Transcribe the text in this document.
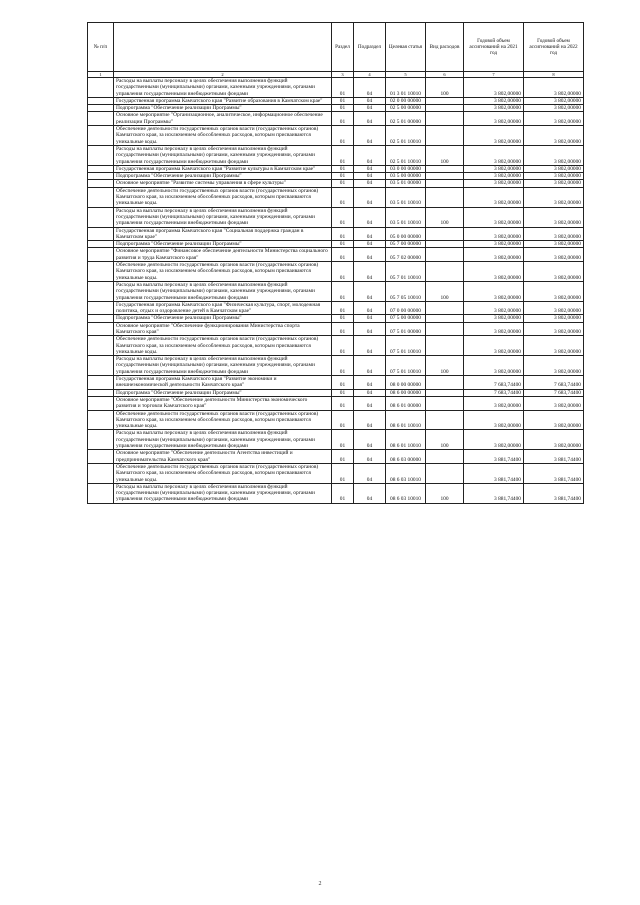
№ п/п		Раздел	Подраздел	Целевая статья	Вид расходов	Годовой объем ассигнований на 2021 год	Годовой объем ассигнований на 2022 год
1	2	3	4	5	6	7	8
	Расходы на выплаты персоналу в целях обеспечения выполнения функций государственными (муниципальными) органами, казенными учреждениями, органами управления государственными внебюджетными фондами	01	04	01 3 01 10010	100	3 802,00000	3 802,00000
	Государственная программа Камчатского края "Развитие образования в Камчатском крае"	01	04	02 0 00 00000		3 802,00000	3 802,00000
	Подпрограмма "Обеспечение реализации Программы"	01	04	02 5 00 00000		3 802,00000	3 802,00000
	Основное мероприятие "Организационное, аналитическое, информационное обеспечение реализации Программы"	01	04	02 5 01 00000		3 802,00000	3 802,00000
	Обеспечение деятельности государственных органов власти (государственных органов) Камчатского края, за исключением обособленных расходов, которым присваиваются уникальные коды.	01	04	02 5 01 10010		3 802,00000	3 802,00000
	Расходы на выплаты персоналу в целях обеспечения выполнения функций государственными (муниципальными) органами, казенными учреждениями, органами управления государственными внебюджетными фондами	01	04	02 5 01 10010	100	3 802,00000	3 802,00000
	Государственная программа Камчатского края "Развитие культуры в Камчатском крае"	01	04	03 0 00 00000		3 802,00000	3 802,00000
	Подпрограмма "Обеспечение реализации Программы"	01	04	03 5 00 00000		3 802,00000	3 802,00000
	Основное мероприятие "Развитие системы управления в сфере культуры"	01	04	03 5 01 00000		3 802,00000	3 802,00000
	Обеспечение деятельности государственных органов власти (государственных органов) Камчатского края, за исключением обособленных расходов, которым присваиваются уникальные коды.	01	04	03 5 01 10010		3 802,00000	3 802,00000
	Расходы на выплаты персоналу в целях обеспечения выполнения функций государственными (муниципальными) органами, казенными учреждениями, органами управления государственными внебюджетными фондами	01	04	03 5 01 10010	100	3 802,00000	3 802,00000
	Государственная программа Камчатского края "Социальная поддержка граждан в Камчатском крае"	01	04	05 0 00 00000		3 802,00000	3 802,00000
	Подпрограмма "Обеспечение реализации Программы"	01	04	05 7 00 00000		3 802,00000	3 802,00000
	Основное мероприятие "Финансовое обеспечение деятельности Министерства социального развития и труда Камчатского края"	01	04	05 7 02 00000		3 802,00000	3 802,00000
	Обеспечение деятельности государственных органов власти (государственных органов) Камчатского края, за исключением обособленных расходов, которым присваиваются уникальные коды.	01	04	05 7 01 10010		3 802,00000	3 802,00000
	Расходы на выплаты персоналу в целях обеспечения выполнения функций государственными (муниципальными) органами, казенными учреждениями, органами управления государственными внебюджетными фондами	01	04	05 7 05 10010	100	3 802,00000	3 802,00000
	Государственная программа Камчатского края "Физическая культура, спорт, молодежная политика, отдых и оздоровление детей в Камчатском крае"	01	04	07 0 00 00000		3 802,00000	3 802,00000
	Подпрограмма "Обеспечение реализации Программы"	01	04	07 5 00 00000		3 802,00000	3 802,00000
	Основное мероприятие "Обеспечение функционирования Министерства спорта Камчатского края"	01	04	07 5 01 00000		3 802,00000	3 802,00000
	Обеспечение деятельности государственных органов власти (государственных органов) Камчатского края, за исключением обособленных расходов, которым присваиваются уникальные коды.	01	04	07 5 01 10010		3 802,00000	3 802,00000
	Расходы на выплаты персоналу в целях обеспечения выполнения функций государственными (муниципальными) органами, казенными учреждениями, органами управления государственными внебюджетными фондами	01	04	07 5 01 10010	100	3 802,00000	3 802,00000
	Государственная программа Камчатского края "Развитие экономики и внешнеэкономической деятельности Камчатского края"	01	04	08 0 00 00000		7 683,74400	7 683,74400
	Подпрограмма "Обеспечение реализации Программы"	01	04	08 6 00 00000		7 683,74400	7 683,74400
	Основное мероприятие "Обеспечение деятельности Министерства экономического развития и торговли Камчатского края"	01	04	08 6 01 00000		3 802,00000	3 802,00000
	Обеспечение деятельности государственных органов власти (государственных органов) Камчатского края, за исключением обособленных расходов, которым присваиваются уникальные коды.	01	04	08 6 01 10010		3 802,00000	3 802,00000
	Расходы на выплаты персоналу в целях обеспечения выполнения функций государственными (муниципальными) органами, казенными учреждениями, органами управления государственными внебюджетными фондами	01	04	08 6 01 10010	100	3 802,00000	3 802,00000
	Основное мероприятие "Обеспечение деятельности Агентства инвестиций и предпринимательства Камчатского края"	01	04	08 6 03 00000		3 881,74400	3 881,74400
	Обеспечение деятельности государственных органов власти (государственных органов) Камчатского края, за исключением обособленных расходов, которым присваиваются уникальные коды.	01	04	08 6 03 10010		3 881,74400	3 881,74400
	Расходы на выплаты персоналу в целях обеспечения выполнения функций государственными (муниципальными) органами, казенными учреждениями, органами управления государственными внебюджетными фондами	01	04	08 6 03 10010	100	3 881,74400	3 881,74400
2
